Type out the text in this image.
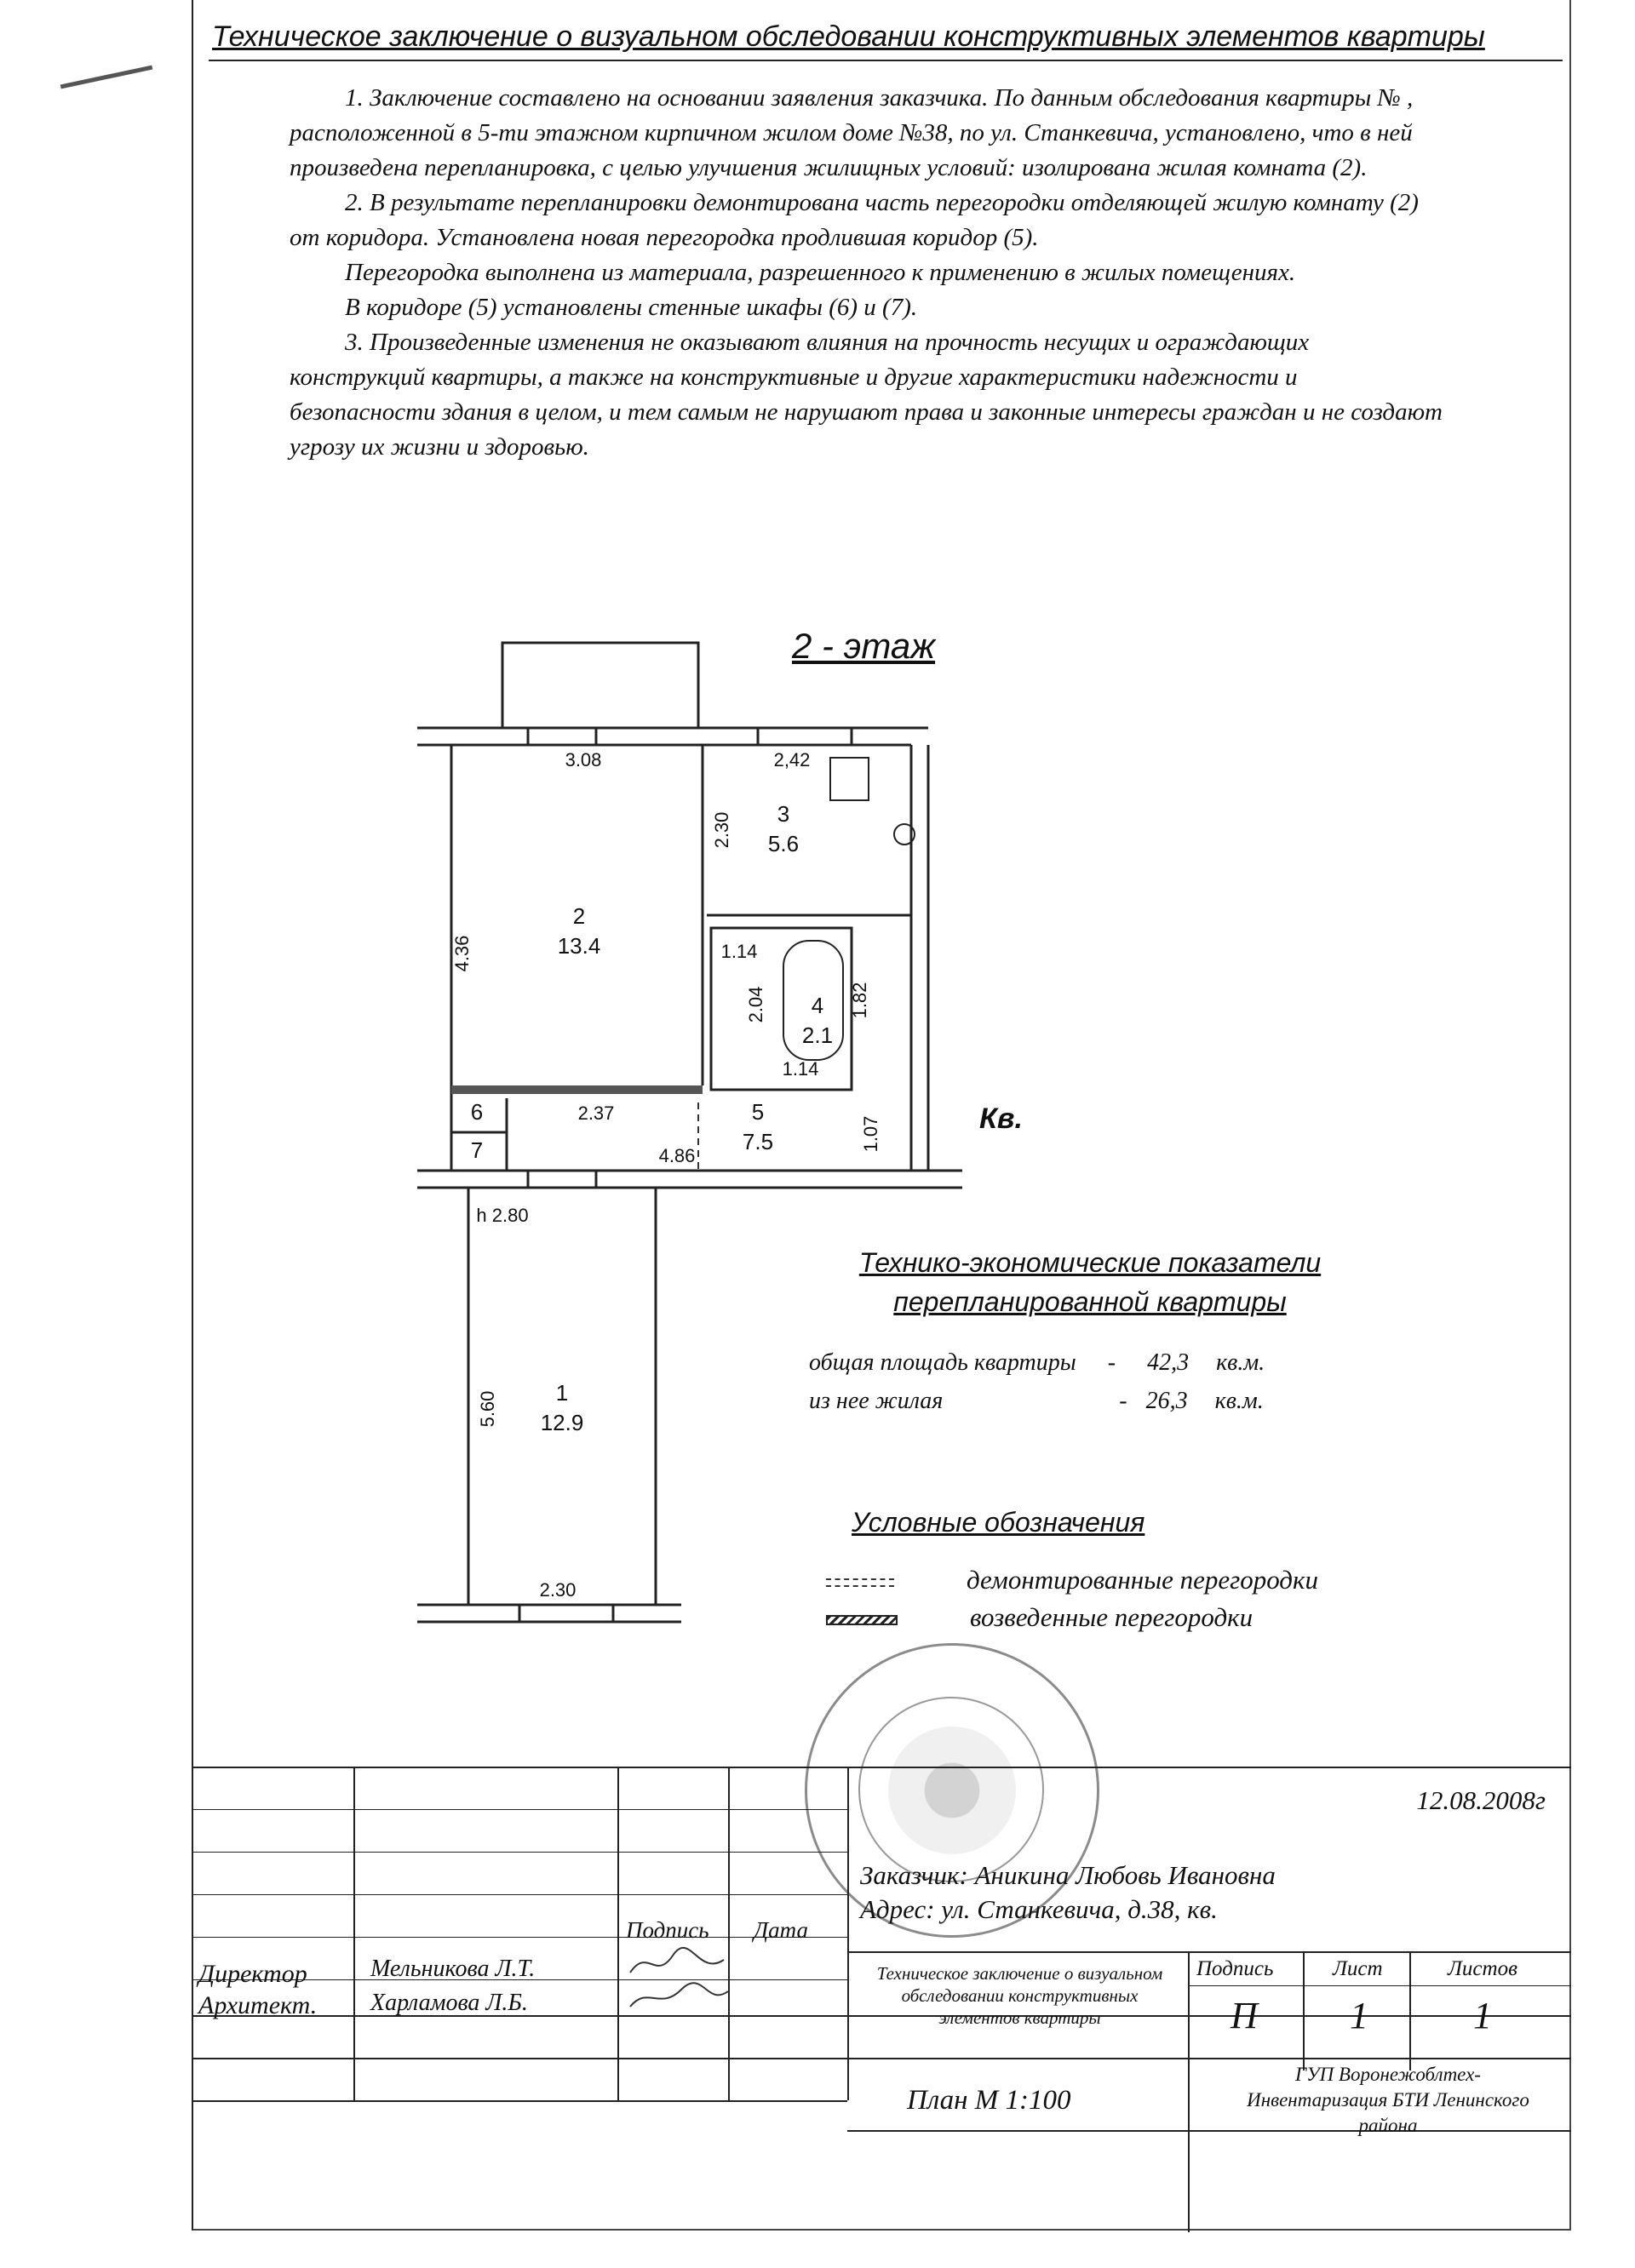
Техническое заключение о визуальном обследовании конструктивных элементов квартиры

1. Заключение составлено на основании заявления заказчика. По данным обследования квартиры № , расположенной в 5-ти этажном кирпичном жилом доме №38, по ул. Станкевича, установлено, что в ней произведена перепланировка, с целью улучшения жилищных условий: изолирована жилая комната (2).

2. В результате перепланировки демонтирована часть перегородки отделяющей жилую комнату (2) от коридора. Установлена новая перегородка продлившая коридор (5).

Перегородка выполнена из материала, разрешенного к применению в жилых помещениях.

В коридоре (5) установлены стенные шкафы (6) и (7).

3. Произведенные изменения не оказывают влияния на прочность несущих и ограждающих конструкций квартиры, а также на конструктивные и другие характеристики надежности и безопасности здания в целом, и тем самым не нарушают права и законные интересы граждан и не создают угрозу их жизни и здоровью.

2 - этаж
3.08	2,42
2.30
4.36	1.14
2.04	1.82
1.14
2.37
1.07
4.86
5.60
2.30
h 2.80
2
13.4
3
5.6
4
2.1
5
7.5
6
7
1
12.9
Кв.
Технико-экономические показатели
перепланированной квартиры
общая площадь квартиры - 42,3 кв.м.
из нее жилая	- 26,3 кв.м.
Условные обозначения
демонтированные перегородки
возведенные перегородки
12.08.2008г
Заказчик: Аникина Любовь Ивановна
Адрес: ул. Станкевича, д.38, кв.
Подпись Дата
Директор	Мельникова Л.Т.
Архитект. Харламова Л.Б.
Техническое заключение о визуальном обследовании конструктивных элементов квартиры
Подпись	Лист	Листов
П 1	1
План М 1:100
ГУП Воронежоблтех-Инвентаризация БТИ Ленинского района
